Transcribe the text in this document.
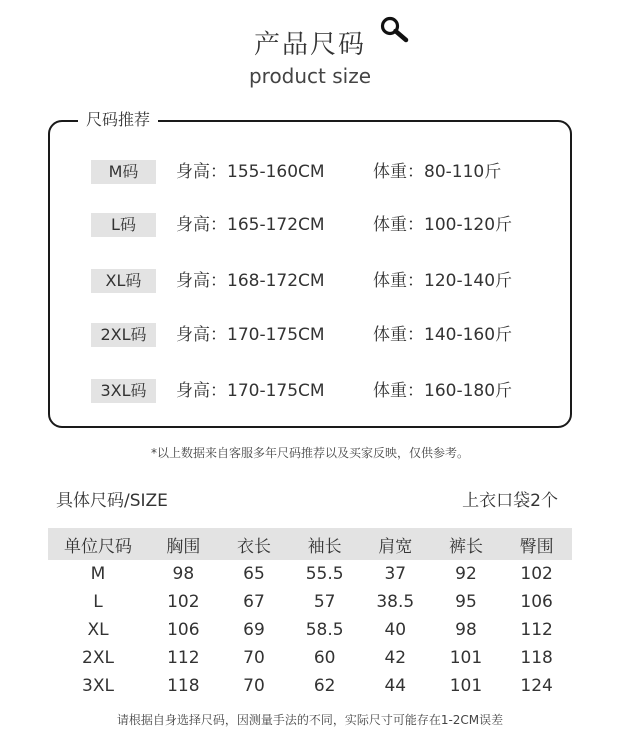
产品尺码
product size
尺码推荐
M码	身高：155-160CM	体重：80-110斤
L码	身高：165-172CM	体重：100-120斤
XL码	身高：168-172CM	体重：120-140斤
2XL码	身高：170-175CM	体重：140-160斤
3XL码	身高：170-175CM	体重：160-180斤
*以上数据来自客服多年尺码推荐以及买家反映，仅供参考。
具体尺码/SIZE	上衣口袋2个
单位尺码	胸围	衣长	袖长	肩宽	裤长	臀围
M	98	65	55.5	37	92	102
L	102	67	57	38.5	95	106
XL	106	69	58.5	40	98	112
2XL	112	70	60	42	101	118
3XL	118	70	62	44	101	124
请根据自身选择尺码，因测量手法的不同，实际尺寸可能存在1-2CM误差
